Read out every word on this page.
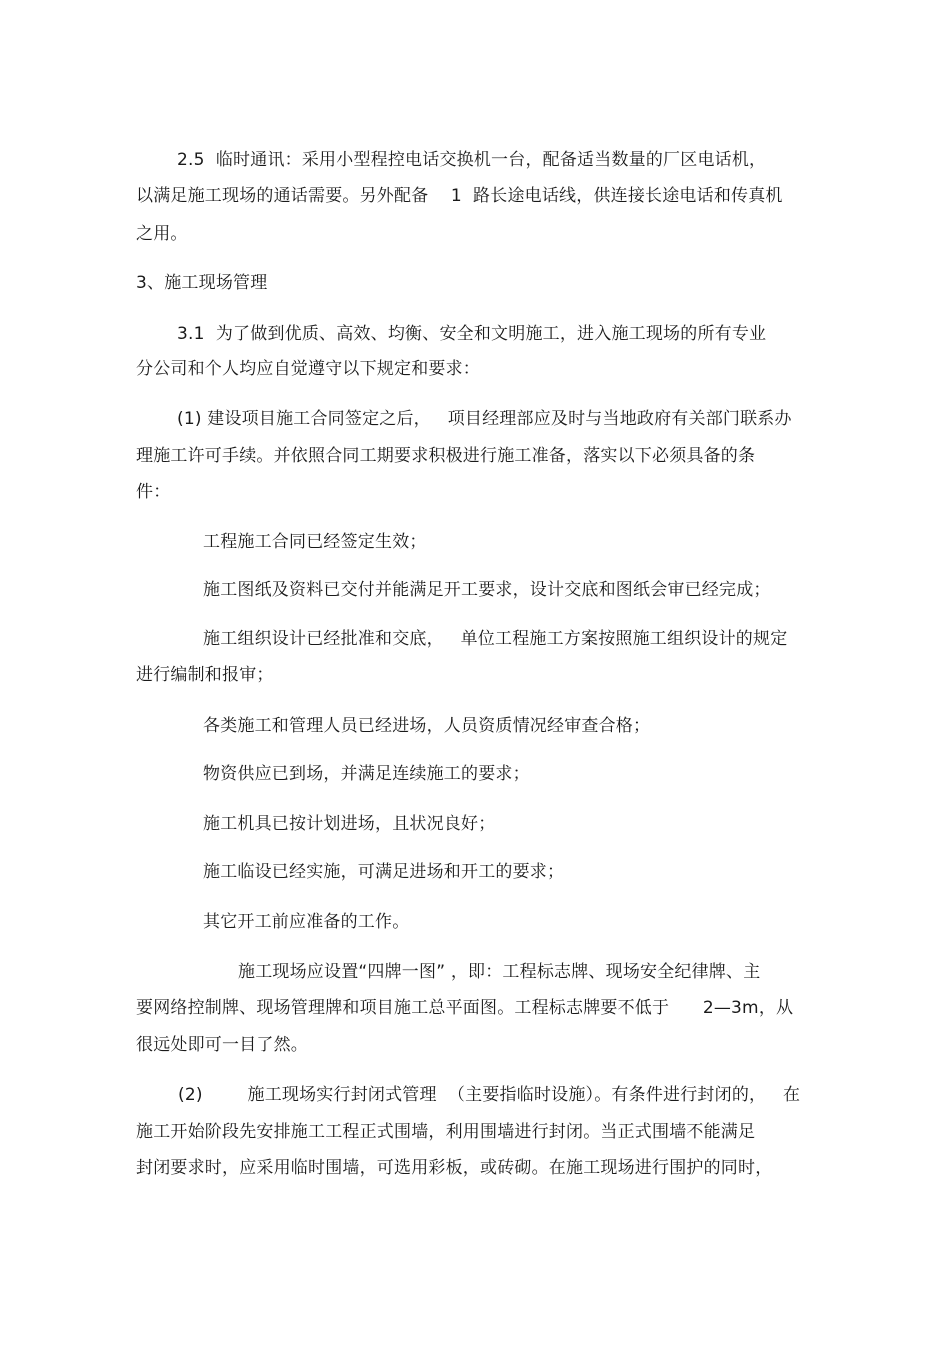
2.5  临时通讯：采用小型程控电话交换机一台，配备适当数量的厂区电话机，
以满足施工现场的通话需要。另外配备    1  路长途电话线，供连接长途电话和传真机
之用。
3、施工现场管理
3.1  为了做到优质、高效、均衡、安全和文明施工，进入施工现场的所有专业
分公司和个人均应自觉遵守以下规定和要求：
(1) 建设项目施工合同签定之后，   项目经理部应及时与当地政府有关部门联系办
理施工许可手续。并依照合同工期要求积极进行施工准备，落实以下必须具备的条
件：
工程施工合同已经签定生效；
施工图纸及资料已交付并能满足开工要求，设计交底和图纸会审已经完成；
施工组织设计已经批准和交底，   单位工程施工方案按照施工组织设计的规定
进行编制和报审；
各类施工和管理人员已经进场，人员资质情况经审查合格；
物资供应已到场，并满足连续施工的要求；
施工机具已按计划进场，且状况良好；
施工临设已经实施，可满足进场和开工的要求；
其它开工前应准备的工作。
施工现场应设置“四牌一图” ，即：工程标志牌、现场安全纪律牌、主
要网络控制牌、现场管理牌和项目施工总平面图。工程标志牌要不低于      2—3m，从
很远处即可一目了然。
(2)        施工现场实行封闭式管理  （主要指临时设施）。有条件进行封闭的，   在
施工开始阶段先安排施工工程正式围墙，利用围墙进行封闭。当正式围墙不能满足
封闭要求时，应采用临时围墙，可选用彩板，或砖砌。在施工现场进行围护的同时，
